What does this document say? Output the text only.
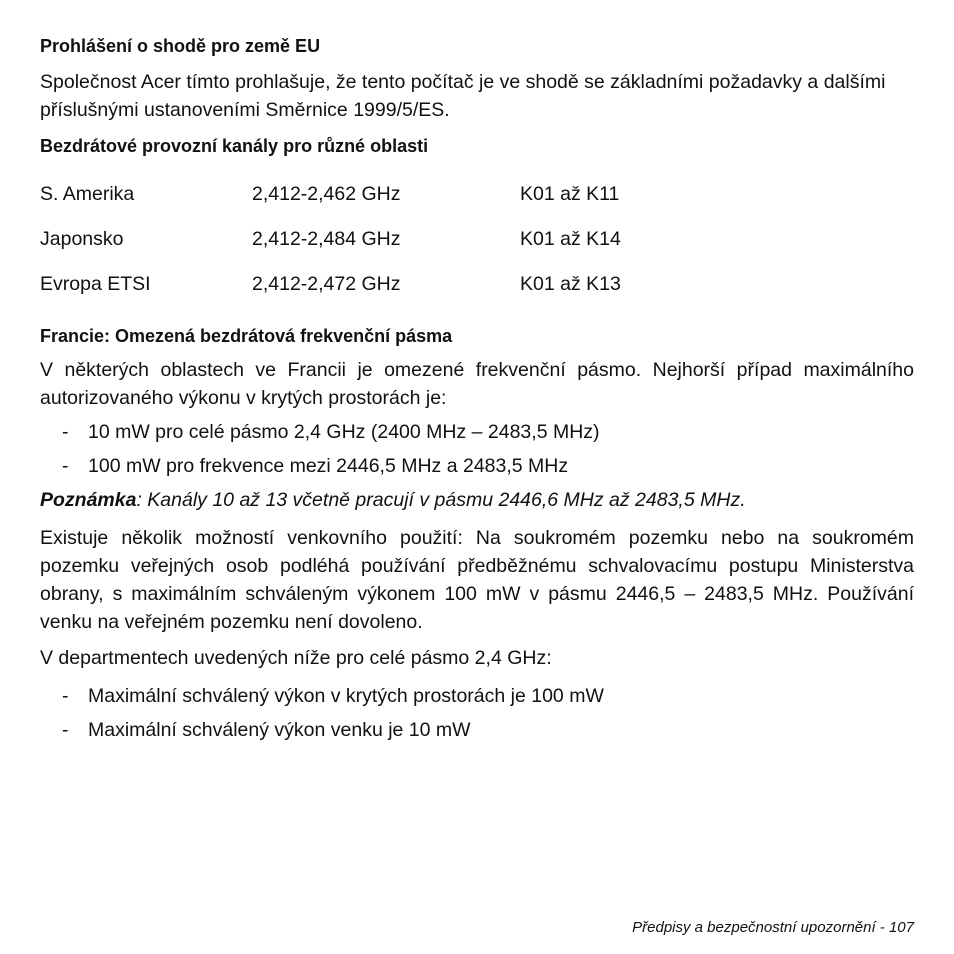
Prohlášení o shodě pro země EU

Společnost Acer tímto prohlašuje, že tento počítač je ve shodě se základními požadavky a dalšími příslušnými ustanoveními Směrnice 1999/5/ES.

Bezdrátové provozní kanály pro různé oblasti

S. Amerika	2,412-2,462 GHz	K01 až K11
Japonsko	2,412-2,484 GHz	K01 až K14
Evropa ETSI	2,412-2,472 GHz	K01 až K13

Francie: Omezená bezdrátová frekvenční pásma

V některých oblastech ve Francii je omezené frekvenční pásmo. Nejhorší případ maximálního autorizovaného výkonu v krytých prostorách je:

-	10 mW pro celé pásmo 2,4 GHz (2400 MHz – 2483,5 MHz)
-	100 mW pro frekvence mezi 2446,5 MHz a 2483,5 MHz

Poznámka: Kanály 10 až 13 včetně pracují v pásmu 2446,6 MHz až 2483,5 MHz.

Existuje několik možností venkovního použití: Na soukromém pozemku nebo na soukromém pozemku veřejných osob podléhá používání předběžnému schvalovacímu postupu Ministerstva obrany, s maximálním schváleným výkonem 100 mW v pásmu 2446,5 – 2483,5 MHz. Používání venku na veřejném pozemku není dovoleno.

V departmentech uvedených níže pro celé pásmo 2,4 GHz:

-	Maximální schválený výkon v krytých prostorách je 100 mW
-	Maximální schválený výkon venku je 10 mW
Předpisy a bezpečnostní upozornění - 107
